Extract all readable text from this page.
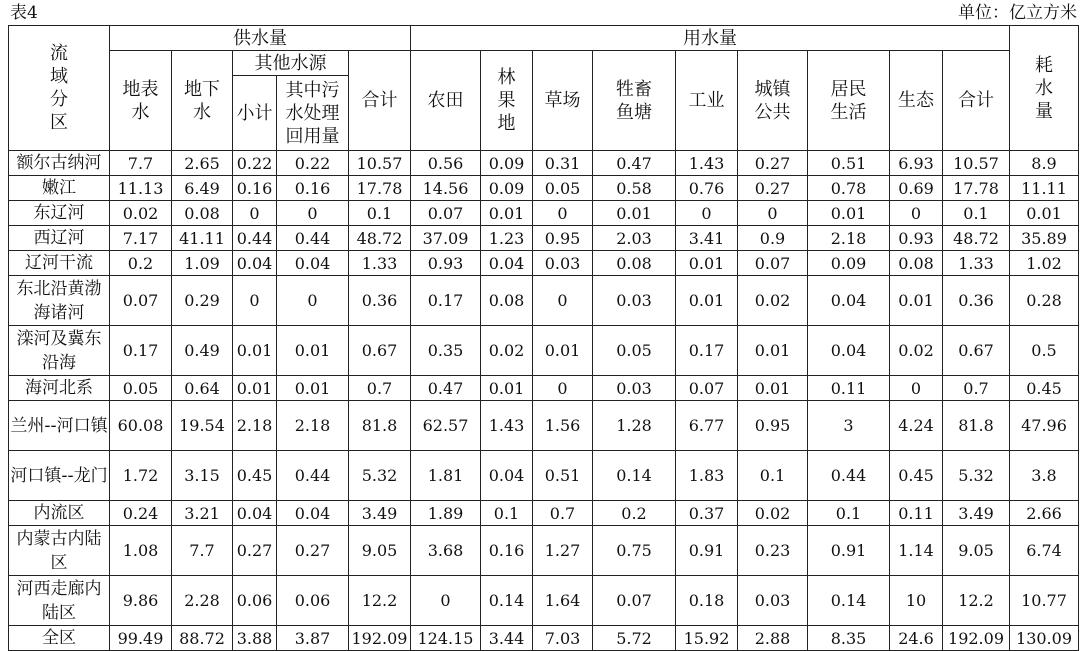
表4	单位：亿立方米
流域分区	供水量					用水量									耗水量
	地表水	地下水	其他水源		合计	农田	林果地	草场	牲畜鱼塘	工业	城镇公共	居民生活	生态	合计	
			小计	其中污水处理回用量											
额尔古纳河	7.7	2.65	0.22	0.22	10.57	0.56	0.09	0.31	0.47	1.43	0.27	0.51	6.93	10.57	8.9
嫩江	11.13	6.49	0.16	0.16	17.78	14.56	0.09	0.05	0.58	0.76	0.27	0.78	0.69	17.78	11.11
东辽河	0.02	0.08	0	0	0.1	0.07	0.01	0	0.01	0	0	0.01	0	0.1	0.01
西辽河	7.17	41.11	0.44	0.44	48.72	37.09	1.23	0.95	2.03	3.41	0.9	2.18	0.93	48.72	35.89
辽河干流	0.2	1.09	0.04	0.04	1.33	0.93	0.04	0.03	0.08	0.01	0.07	0.09	0.08	1.33	1.02
东北沿黄渤海诸河	0.07	0.29	0	0	0.36	0.17	0.08	0	0.03	0.01	0.02	0.04	0.01	0.36	0.28
滦河及冀东沿海	0.17	0.49	0.01	0.01	0.67	0.35	0.02	0.01	0.05	0.17	0.01	0.04	0.02	0.67	0.5
海河北系	0.05	0.64	0.01	0.01	0.7	0.47	0.01	0	0.03	0.07	0.01	0.11	0	0.7	0.45
兰州--河口镇	60.08	19.54	2.18	2.18	81.8	62.57	1.43	1.56	1.28	6.77	0.95	3	4.24	81.8	47.96
河口镇--龙门	1.72	3.15	0.45	0.44	5.32	1.81	0.04	0.51	0.14	1.83	0.1	0.44	0.45	5.32	3.8
内流区	0.24	3.21	0.04	0.04	3.49	1.89	0.1	0.7	0.2	0.37	0.02	0.1	0.11	3.49	2.66
内蒙古内陆区	1.08	7.7	0.27	0.27	9.05	3.68	0.16	1.27	0.75	0.91	0.23	0.91	1.14	9.05	6.74
河西走廊内陆区	9.86	2.28	0.06	0.06	12.2	0	0.14	1.64	0.07	0.18	0.03	0.14	10	12.2	10.77
全区	99.49	88.72	3.88	3.87	192.09	124.15	3.44	7.03	5.72	15.92	2.88	8.35	24.6	192.09	130.09
